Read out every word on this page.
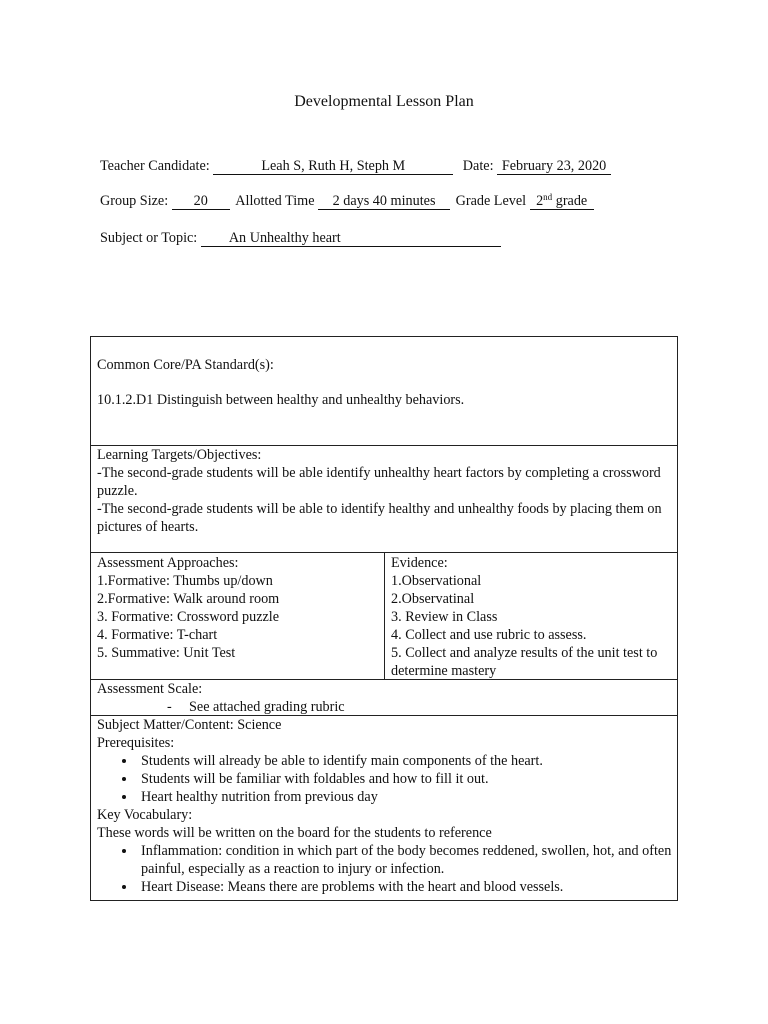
Developmental Lesson Plan
Teacher Candidate:	Leah S, Ruth H, Steph M	Date: February 23, 2020
Group Size: 20 Allotted Time 2 days 40 minutes Grade Level 2nd grade
Subject or Topic: An Unhealthy heart
Common Core/PA Standard(s):
10.1.2.D1 Distinguish between healthy and unhealthy behaviors.
Learning Targets/Objectives:
-The second-grade students will be able identify unhealthy heart factors by completing a crossword puzzle.
-The second-grade students will be able to identify healthy and unhealthy foods by placing them on pictures of hearts.
Assessment Approaches:
1.Formative: Thumbs up/down
2.Formative: Walk around room
3. Formative: Crossword puzzle
4. Formative: T-chart
5. Summative: Unit Test
Evidence:
1.Observational
2.Observatinal
3. Review in Class
4. Collect and use rubric to assess.
5. Collect and analyze results of the unit test to determine mastery
Assessment Scale:
- See attached grading rubric
Subject Matter/Content: Science
Prerequisites:
• Students will already be able to identify main components of the heart.
• Students will be familiar with foldables and how to fill it out.
• Heart healthy nutrition from previous day
Key Vocabulary:
These words will be written on the board for the students to reference
• Inflammation: condition in which part of the body becomes reddened, swollen, hot, and often painful, especially as a reaction to injury or infection.
• Heart Disease: Means there are problems with the heart and blood vessels.
